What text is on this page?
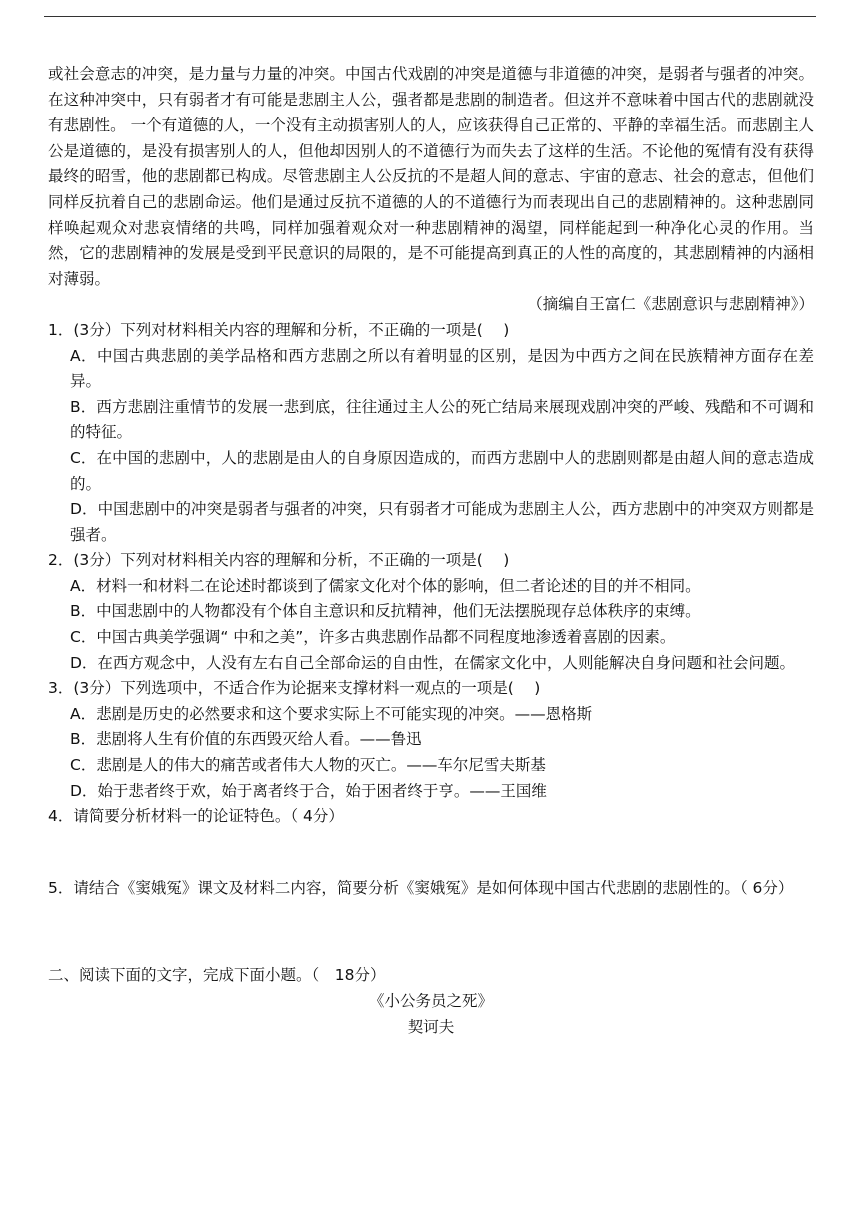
或社会意志的冲突，是力量与力量的冲突。中国古代戏剧的冲突是道德与非道德的冲突，是弱者与强者的冲突。在这种冲突中，只有弱者才有可能是悲剧主人公，强者都是悲剧的制造者。但这并不意味着中国古代的悲剧就没有悲剧性。 一个有道德的人，一个没有主动损害别人的人，应该获得自己正常的、平静的幸福生活。而悲剧主人公是道德的，是没有损害别人的人，但他却因别人的不道德行为而失去了这样的生活。不论他的冤情有没有获得最终的昭雪，他的悲剧都已构成。尽管悲剧主人公反抗的不是超人间的意志、宇宙的意志、社会的意志，但他们同样反抗着自己的悲剧命运。他们是通过反抗不道德的人的不道德行为而表现出自己的悲剧精神的。这种悲剧同样唤起观众对悲哀情绪的共鸣，同样加强着观众对一种悲剧精神的渴望，同样能起到一种净化心灵的作用。当然，它的悲剧精神的发展是受到平民意识的局限的，是不可能提高到真正的人性的高度的，其悲剧精神的内涵相对薄弱。

（摘编自王富仁《悲剧意识与悲剧精神》）

1．(3分）下列对材料相关内容的理解和分析，不正确的一项是(　 )

A．中国古典悲剧的美学品格和西方悲剧之所以有着明显的区别，是因为中西方之间在民族精神方面存在差异。

B．西方悲剧注重情节的发展一悲到底，往往通过主人公的死亡结局来展现戏剧冲突的严峻、残酷和不可调和的特征。

C．在中国的悲剧中，人的悲剧是由人的自身原因造成的，而西方悲剧中人的悲剧则都是由超人间的意志造成的。

D．中国悲剧中的冲突是弱者与强者的冲突，只有弱者才可能成为悲剧主人公，西方悲剧中的冲突双方则都是强者。

2．(3分）下列对材料相关内容的理解和分析，不正确的一项是(　 )

A．材料一和材料二在论述时都谈到了儒家文化对个体的影响，但二者论述的目的并不相同。

B．中国悲剧中的人物都没有个体自主意识和反抗精神，他们无法摆脱现存总体秩序的束缚。

C．中国古典美学强调“ 中和之美”，许多古典悲剧作品都不同程度地渗透着喜剧的因素。

D．在西方观念中，人没有左右自己全部命运的自由性，在儒家文化中，人则能解决自身问题和社会问题。

3．(3分）下列选项中，不适合作为论据来支撑材料一观点的一项是(　 )

A．悲剧是历史的必然要求和这个要求实际上不可能实现的冲突。——恩格斯

B．悲剧将人生有价值的东西毁灭给人看。——鲁迅

C．悲剧是人的伟大的痛苦或者伟大人物的灭亡。——车尔尼雪夫斯基

D．始于悲者终于欢，始于离者终于合，始于困者终于亨。——王国维

4．请简要分析材料一的论证特色。（ 4分）

5．请结合《窦娥冤》课文及材料二内容，简要分析《窦娥冤》是如何体现中国古代悲剧的悲剧性的。（ 6分）

二、阅读下面的文字，完成下面小题。（　18分）

《小公务员之死》

契诃夫
